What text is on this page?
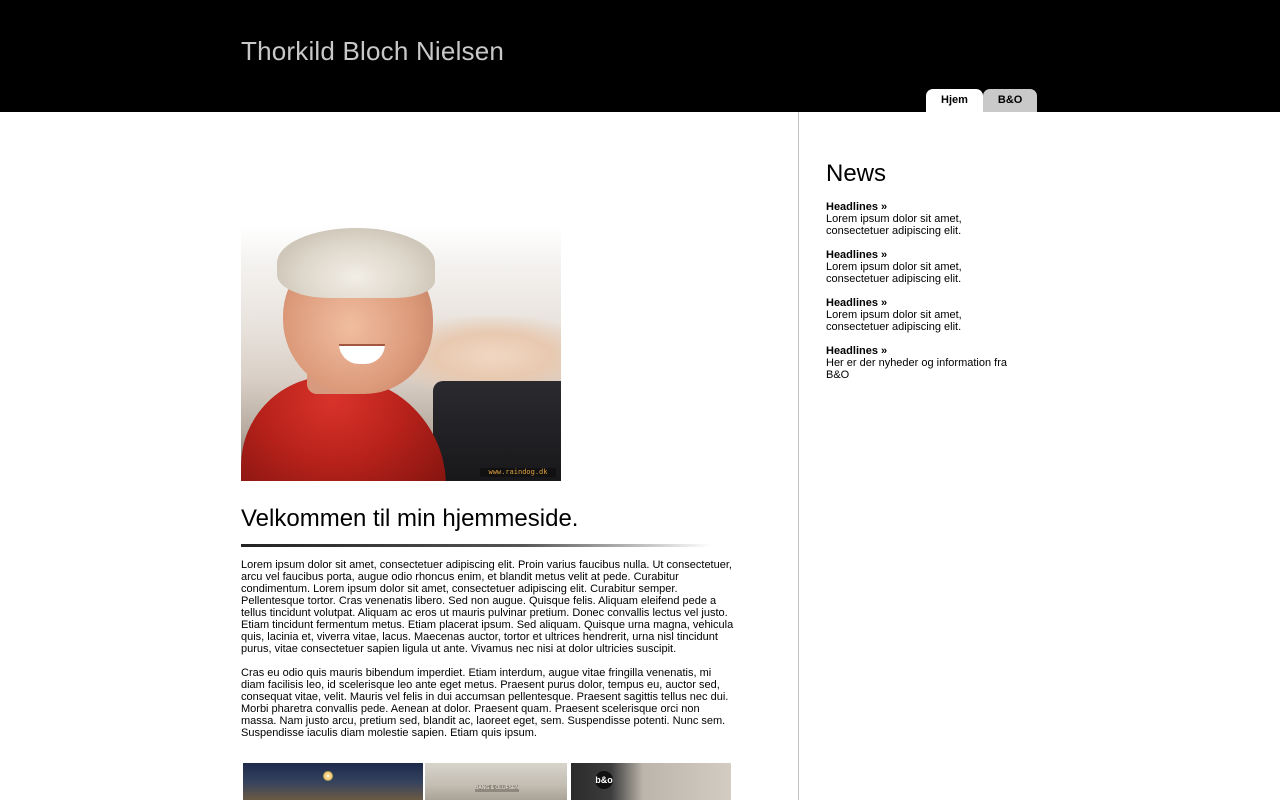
Thorkild Bloch Nielsen
Hjem	B&O
www.raindog.dk
Velkommen til min hjemmeside.

Lorem ipsum dolor sit amet, consectetuer adipiscing elit. Proin varius faucibus nulla. Ut consectetuer, arcu vel faucibus porta, augue odio rhoncus enim, et blandit metus velit at pede. Curabitur condimentum. Lorem ipsum dolor sit amet, consectetuer adipiscing elit. Curabitur semper. Pellentesque tortor. Cras venenatis libero. Sed non augue. Quisque felis. Aliquam eleifend pede a tellus tincidunt volutpat. Aliquam ac eros ut mauris pulvinar pretium. Donec convallis lectus vel justo. Etiam tincidunt fermentum metus. Etiam placerat ipsum. Sed aliquam. Quisque urna magna, vehicula quis, lacinia et, viverra vitae, lacus. Maecenas auctor, tortor et ultrices hendrerit, urna nisl tincidunt purus, vitae consectetuer sapien ligula ut ante. Vivamus nec nisi at dolor ultricies suscipit.

Cras eu odio quis mauris bibendum imperdiet. Etiam interdum, augue vitae fringilla venenatis, mi diam facilisis leo, id scelerisque leo ante eget metus. Praesent purus dolor, tempus eu, auctor sed, consequat vitae, velit. Mauris vel felis in dui accumsan pellentesque. Praesent sagittis tellus nec dui. Morbi pharetra convallis pede. Aenean at dolor. Praesent quam. Praesent scelerisque orci non massa. Nam justo arcu, pretium sed, blandit ac, laoreet eget, sem. Suspendisse potenti. Nunc sem. Suspendisse iaculis diam molestie sapien. Etiam quis ipsum.

BANG & OLUFSEN
b&o
News
Headlines »
Lorem ipsum dolor sit amet, consectetuer adipiscing elit.
Headlines »
Lorem ipsum dolor sit amet, consectetuer adipiscing elit.
Headlines »
Lorem ipsum dolor sit amet, consectetuer adipiscing elit.
Headlines »
Her er der nyheder og information fra B&O
